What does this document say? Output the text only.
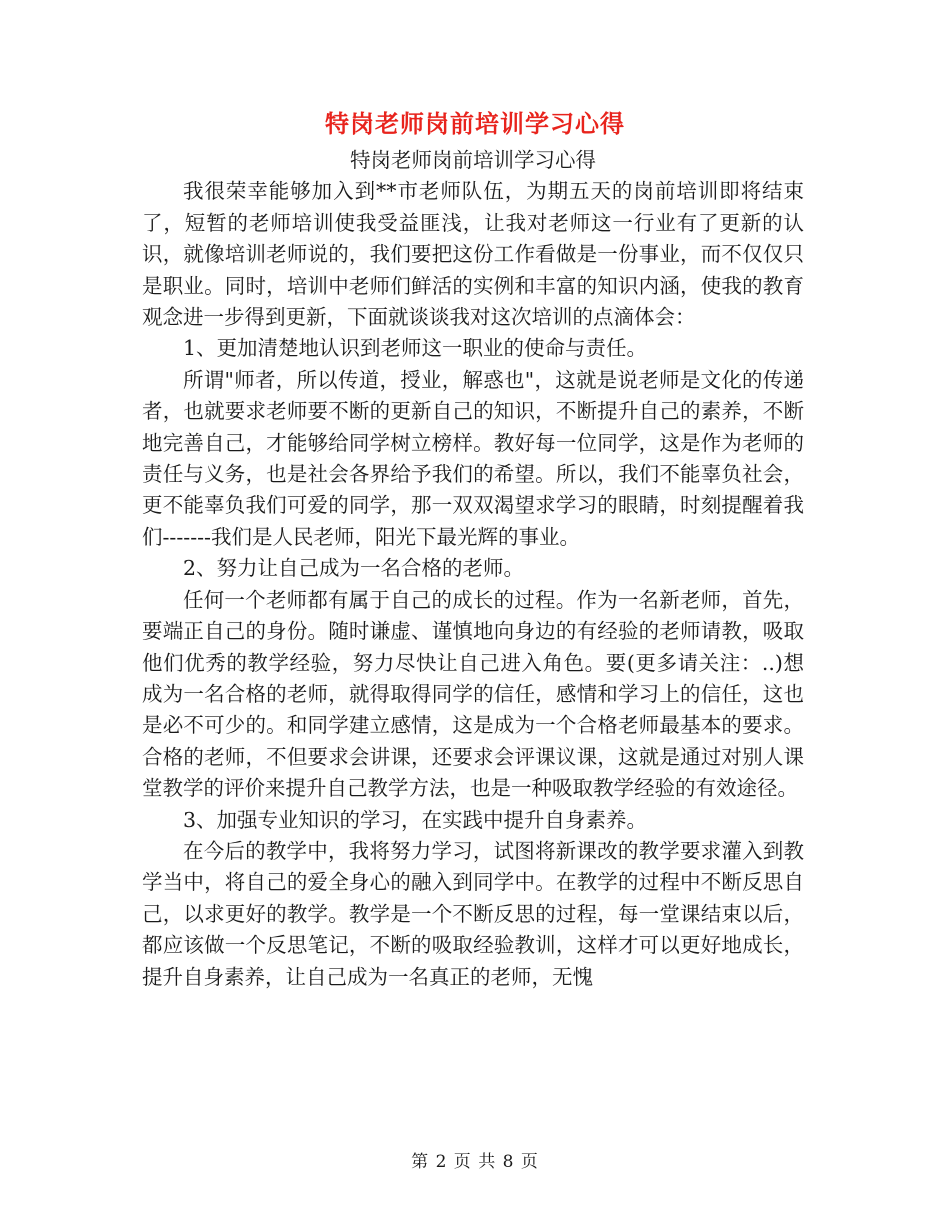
特岗老师岗前培训学习心得

特岗老师岗前培训学习心得

我很荣幸能够加入到**市老师队伍，为期五天的岗前培训即将结束了，短暂的老师培训使我受益匪浅，让我对老师这一行业有了更新的认识，就像培训老师说的，我们要把这份工作看做是一份事业，而不仅仅只是职业。同时，培训中老师们鲜活的实例和丰富的知识内涵，使我的教育观念进一步得到更新，下面就谈谈我对这次培训的点滴体会：

1、更加清楚地认识到老师这一职业的使命与责任。

所谓"师者，所以传道，授业，解惑也"，这就是说老师是文化的传递者，也就要求老师要不断的更新自己的知识，不断提升自己的素养，不断地完善自己，才能够给同学树立榜样。教好每一位同学，这是作为老师的责任与义务，也是社会各界给予我们的希望。所以，我们不能辜负社会，更不能辜负我们可爱的同学，那一双双渴望求学习的眼睛，时刻提醒着我们-------我们是人民老师，阳光下最光辉的事业。

2、努力让自己成为一名合格的老师。

任何一个老师都有属于自己的成长的过程。作为一名新老师，首先，要端正自己的身份。随时谦虚、谨慎地向身边的有经验的老师请教，吸取他们优秀的教学经验，努力尽快让自己进入角色。要(更多请关注：..)想成为一名合格的老师，就得取得同学的信任，感情和学习上的信任，这也是必不可少的。和同学建立感情，这是成为一个合格老师最基本的要求。合格的老师，不但要求会讲课，还要求会评课议课，这就是通过对别人课堂教学的评价来提升自己教学方法，也是一种吸取教学经验的有效途径。

3、加强专业知识的学习，在实践中提升自身素养。

在今后的教学中，我将努力学习，试图将新课改的教学要求灌入到教学当中，将自己的爱全身心的融入到同学中。在教学的过程中不断反思自己，以求更好的教学。教学是一个不断反思的过程，每一堂课结束以后，都应该做一个反思笔记，不断的吸取经验教训，这样才可以更好地成长，提升自身素养，让自己成为一名真正的老师，无愧

第 2 页 共 8 页
